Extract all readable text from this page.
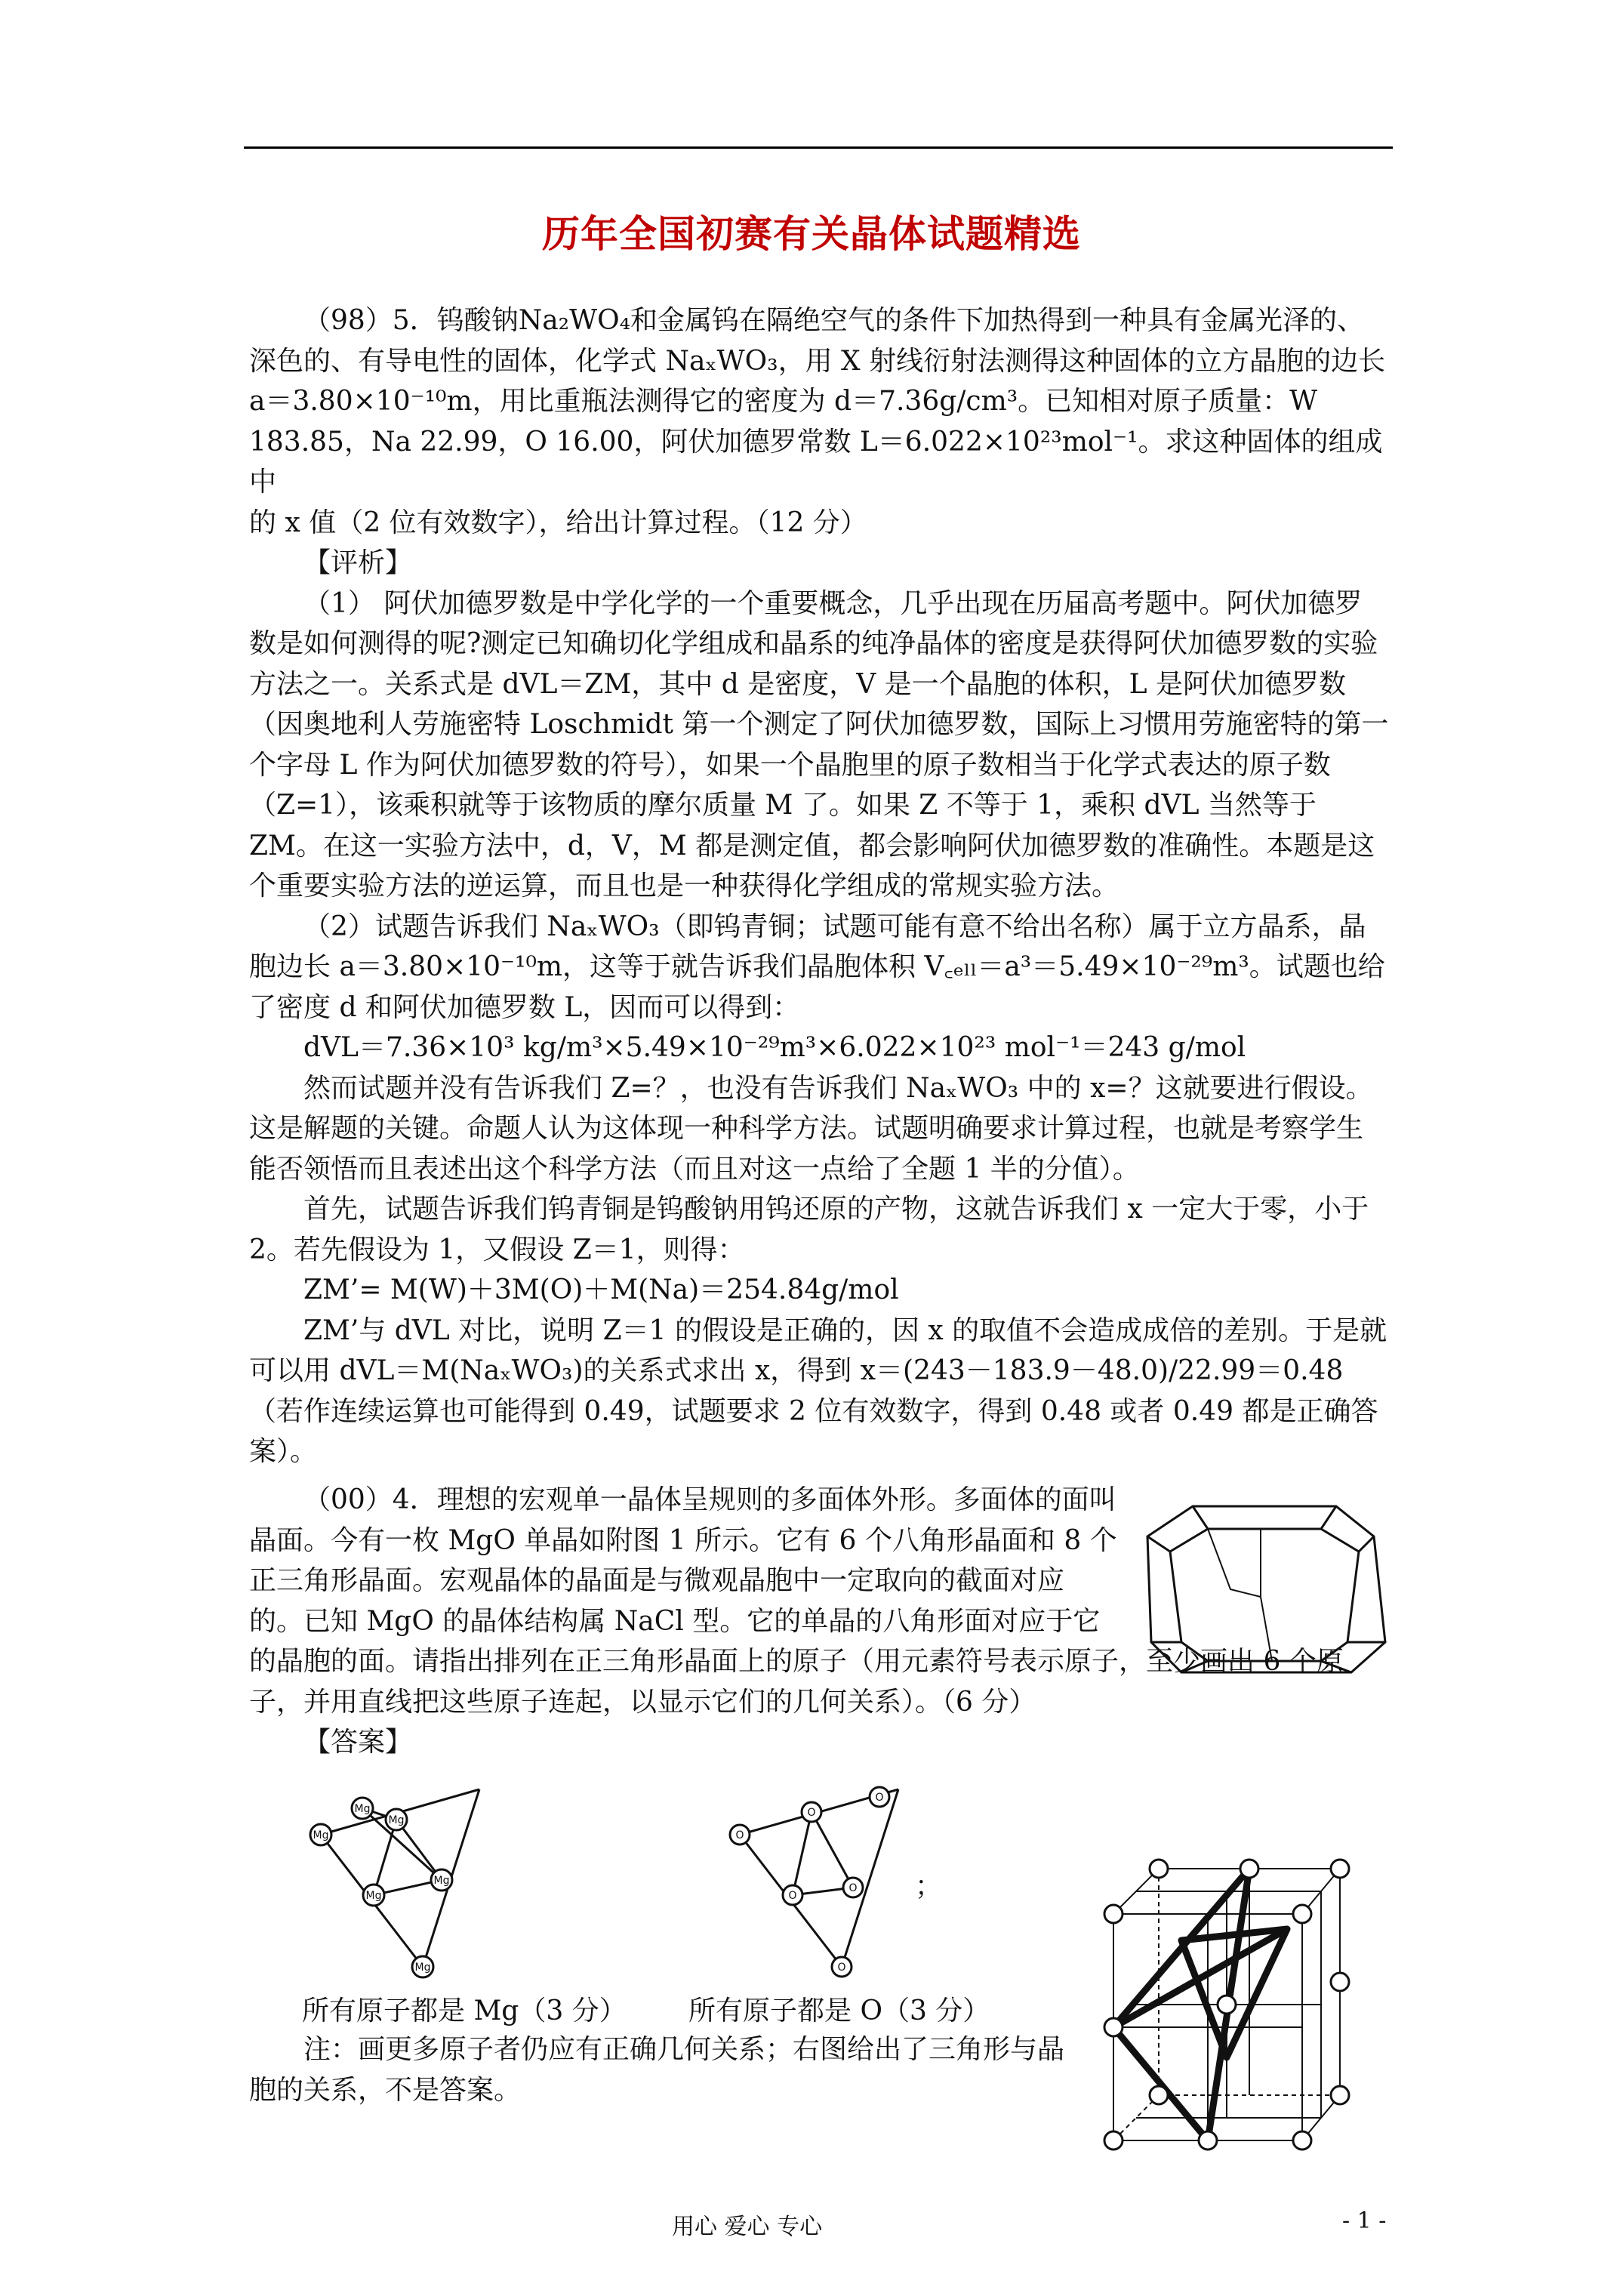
历年全国初赛有关晶体试题精选
（98）5．钨酸钠Na₂WO₄和金属钨在隔绝空气的条件下加热得到一种具有金属光泽的、
深色的、有导电性的固体，化学式 NaₓWO₃，用 X 射线衍射法测得这种固体的立方晶胞的边长
a＝3.80×10⁻¹⁰m，用比重瓶法测得它的密度为 d＝7.36g/cm³。已知相对原子质量：W
183.85，Na 22.99，O 16.00，阿伏加德罗常数 L＝6.022×10²³mol⁻¹。求这种固体的组成中
的 x 值（2 位有效数字），给出计算过程。（12 分）
【评析】
（1） 阿伏加德罗数是中学化学的一个重要概念，几乎出现在历届高考题中。阿伏加德罗数是如何测得的呢?测定已知确切化学组成和晶系的纯净晶体的密度是获得阿伏加德罗数的实验方法之一。关系式是 dVL＝ZM，其中 d 是密度，V 是一个晶胞的体积，L 是阿伏加德罗数（因奥地利人劳施密特 Loschmidt 第一个测定了阿伏加德罗数，国际上习惯用劳施密特的第一个字母 L 作为阿伏加德罗数的符号），如果一个晶胞里的原子数相当于化学式表达的原子数（Z=1），该乘积就等于该物质的摩尔质量 M 了。如果 Z 不等于 1，乘积 dVL 当然等于 ZM。在这一实验方法中，d，V，M 都是测定值，都会影响阿伏加德罗数的准确性。本题是这个重要实验方法的逆运算，而且也是一种获得化学组成的常规实验方法。
（2）试题告诉我们 NaₓWO₃（即钨青铜；试题可能有意不给出名称）属于立方晶系，晶胞边长 a＝3.80×10⁻¹⁰m，这等于就告诉我们晶胞体积 V꜀ₑₗₗ＝a³＝5.49×10⁻²⁹m³。试题也给了密度 d 和阿伏加德罗数 L，因而可以得到：
dVL＝7.36×10³ kg/m³×5.49×10⁻²⁹m³×6.022×10²³ mol⁻¹＝243 g/mol
然而试题并没有告诉我们 Z=？，也没有告诉我们 NaₓWO₃ 中的 x=？这就要进行假设。这是解题的关键。命题人认为这体现一种科学方法。试题明确要求计算过程，也就是考察学生能否领悟而且表述出这个科学方法（而且对这一点给了全题 1 半的分值）。
首先，试题告诉我们钨青铜是钨酸钠用钨还原的产物，这就告诉我们 x 一定大于零，小于 2。若先假设为 1，又假设 Z＝1，则得：
ZM’= M(W)＋3M(O)＋M(Na)＝254.84g/mol
ZM’与 dVL 对比，说明 Z＝1 的假设是正确的，因 x 的取值不会造成成倍的差别。于是就可以用 dVL＝M(NaₓWO₃)的关系式求出 x，得到 x＝(243－183.9－48.0)/22.99＝0.48（若作连续运算也可能得到 0.49，试题要求 2 位有效数字，得到 0.48 或者 0.49 都是正确答案）。
（00）4．理想的宏观单一晶体呈规则的多面体外形。多面体的面叫晶面。今有一枚 MgO 单晶如附图 1 所示。它有 6 个八角形晶面和 8 个正三角形晶面。宏观晶体的晶面是与微观晶胞中一定取向的截面对应的。已知 MgO 的晶体结构属 NaCl 型。它的单晶的八角形面对应于它
的晶胞的面。请指出排列在正三角形晶面上的原子（用元素符号表示原子，至少画出 6 个原子，并用直线把这些原子连起，以显示它们的几何关系）。（6 分）
【答案】
Mg
Mg
Mg
Mg
Mg
Mg
O
O
O
O
O
O
；
所有原子都是 Mg（3 分） 所有原子都是 O（3 分）
注：画更多原子者仍应有正确几何关系；右图给出了三角形与晶胞的关系，不是答案。
用心 爱心 专心	- 1 -
